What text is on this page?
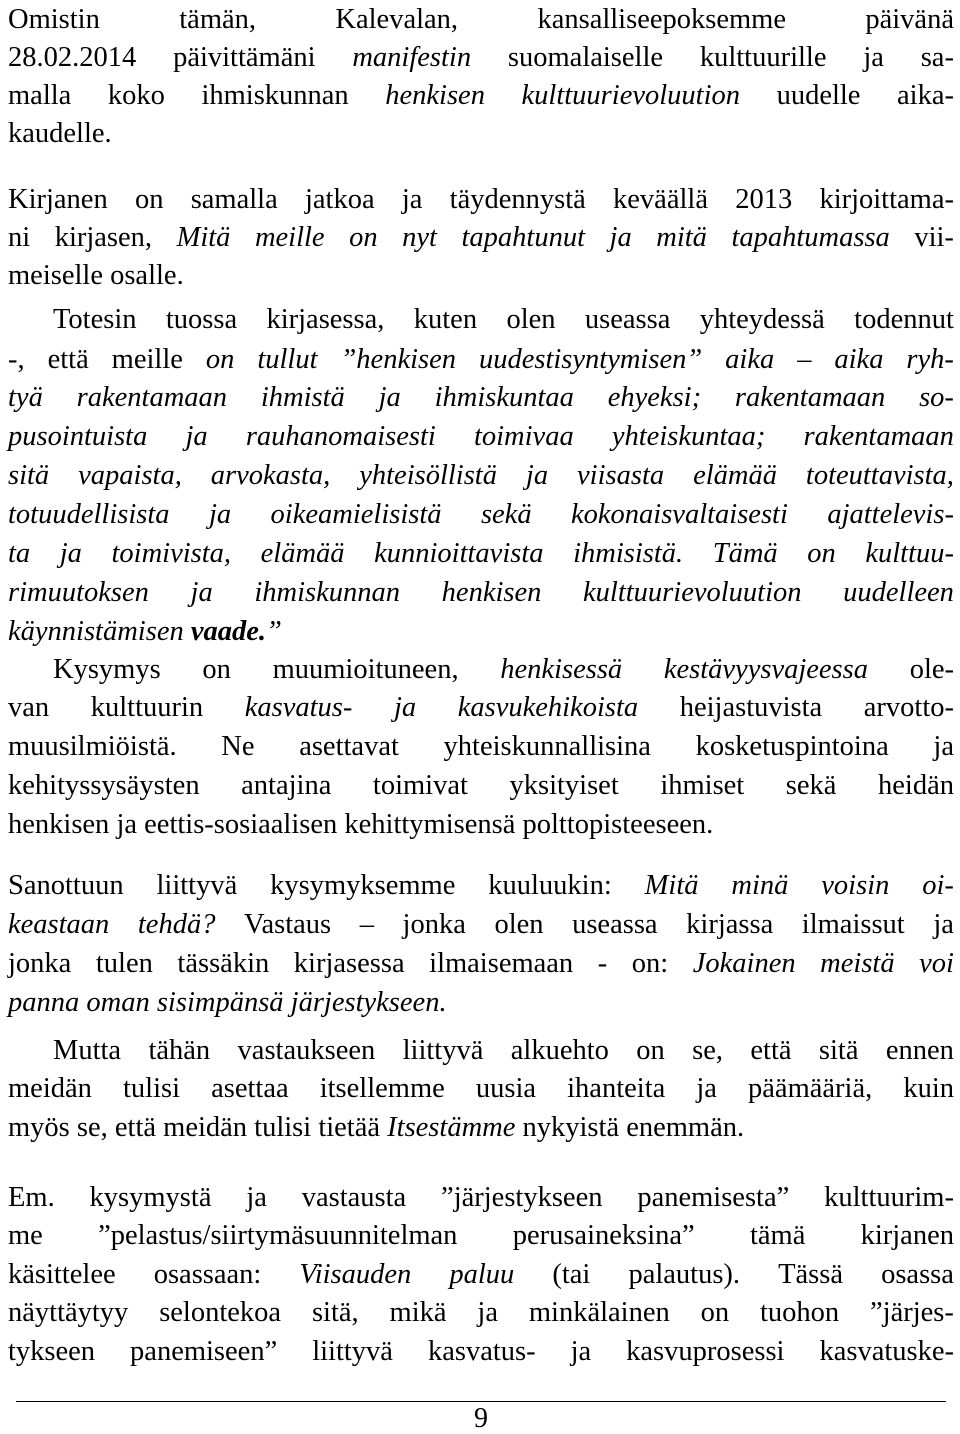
Omistin	tämän,	Kalevalan,	kansalliseepoksemme	päivänä
28.02.2014 päivittämäni manifestin suomalaiselle kulttuurille ja sa-
malla koko ihmiskunnan henkisen kulttuurievoluution uudelle aika-
kaudelle.
Kirjanen on samalla jatkoa ja täydennystä keväällä 2013 kirjoittama-
ni kirjasen, Mitä meille on nyt tapahtunut ja mitä tapahtumassa vii-
meiselle osalle.
Totesin tuossa kirjasessa, kuten olen useassa yhteydessä todennut
-, että meille on tullut ”henkisen uudestisyntymisen” aika – aika ryh-
tyä rakentamaan ihmistä ja ihmiskuntaa ehyeksi; rakentamaan so-
pusointuista ja rauhanomaisesti toimivaa yhteiskuntaa; rakentamaan
sitä vapaista, arvokasta, yhteisöllistä ja viisasta elämää toteuttavista,
totuudellisista ja oikeamielisistä sekä kokonaisvaltaisesti ajattelevis-
ta ja toimivista, elämää kunnioittavista ihmisistä. Tämä on kulttuu-
rimuutoksen ja ihmiskunnan henkisen kulttuurievoluution uudelleen
käynnistämisen vaade.”
Kysymys on muumioituneen, henkisessä kestävyysvajeessa ole-
van kulttuurin kasvatus- ja kasvukehikoista heijastuvista arvotto-
muusilmiöistä. Ne asettavat yhteiskunnallisina kosketuspintoina ja
kehityssysäysten antajina toimivat yksityiset ihmiset sekä heidän
henkisen ja eettis-sosiaalisen kehittymisensä polttopisteeseen.
Sanottuun liittyvä kysymyksemme kuuluukin: Mitä minä voisin oi-
keastaan tehdä? Vastaus – jonka olen useassa kirjassa ilmaissut ja
jonka tulen tässäkin kirjasessa ilmaisemaan - on: Jokainen meistä voi
panna oman sisimpänsä järjestykseen.
Mutta tähän vastaukseen liittyvä alkuehto on se, että sitä ennen
meidän tulisi asettaa itsellemme uusia ihanteita ja päämääriä, kuin
myös se, että meidän tulisi tietää Itsestämme nykyistä enemmän.
Em. kysymystä ja vastausta ”järjestykseen panemisesta” kulttuurim-
me ”pelastus/siirtymäsuunnitelman perusaineksina” tämä kirjanen
käsittelee osassaan: Viisauden paluu (tai palautus). Tässä osassa
näyttäytyy selontekoa sitä, mikä ja minkälainen on tuohon ”järjes-
tykseen panemiseen” liittyvä kasvatus- ja kasvuprosessi kasvatuske-
9
